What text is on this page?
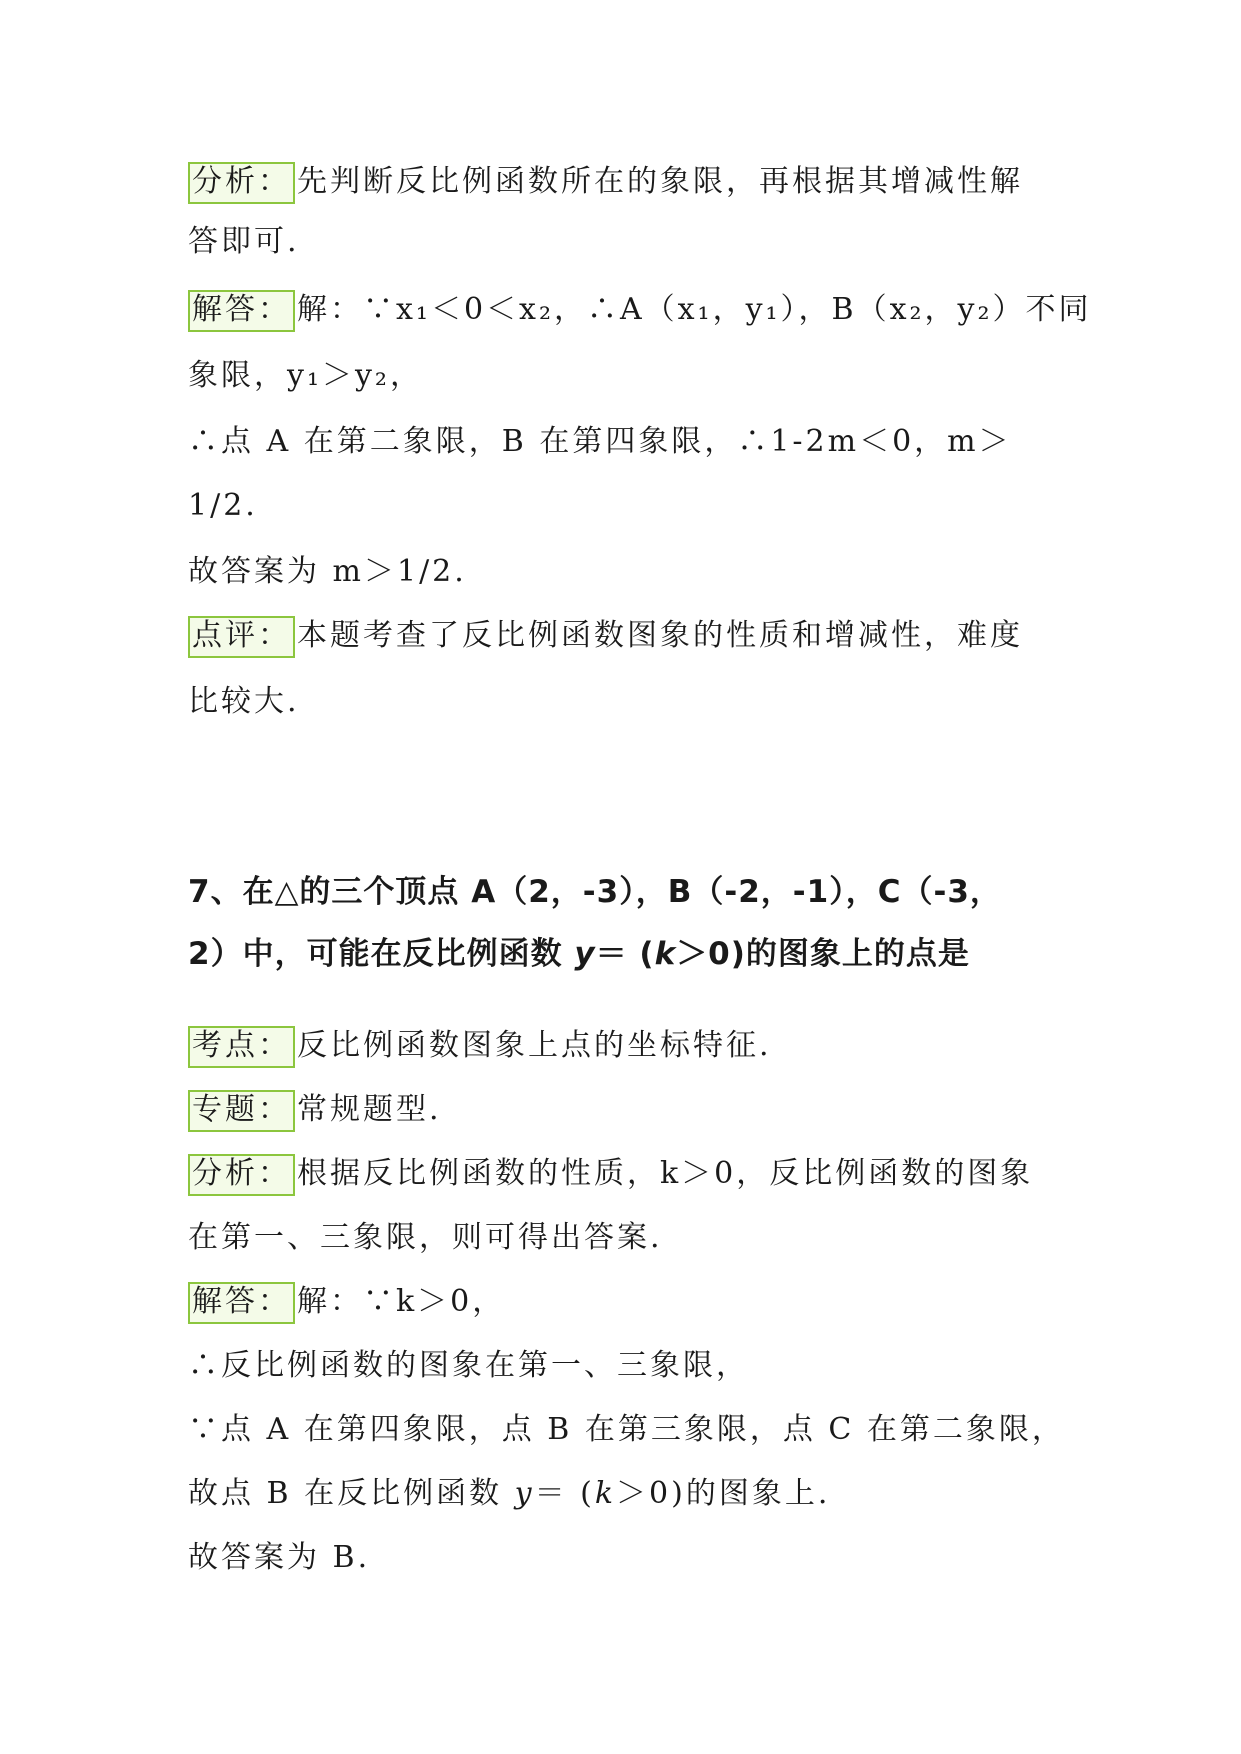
分析： 先判断反比例函数所在的象限，再根据其增减性解
答即可.
解答： 解：∵x₁＜0＜x₂，∴A（x₁，y₁），B（x₂，y₂）不同
象限，y₁＞y₂，
∴点 A 在第二象限，B 在第四象限，∴1-2m＜0，m＞
1/2.
故答案为 m＞1/2.
点评： 本题考查了反比例函数图象的性质和增减性，难度
比较大.
7、在△的三个顶点 A（2，-3），B（-2，-1），C（-3，
2）中，可能在反比例函数 y＝ (k＞0)的图象上的点是
考点： 反比例函数图象上点的坐标特征.
专题： 常规题型.
分析： 根据反比例函数的性质，k＞0，反比例函数的图象
在第一、三象限，则可得出答案.
解答： 解：∵k＞0，
∴反比例函数的图象在第一、三象限，
∵点 A 在第四象限，点 B 在第三象限，点 C 在第二象限，
故点 B 在反比例函数 y＝ (k＞0)的图象上.
故答案为 B.
